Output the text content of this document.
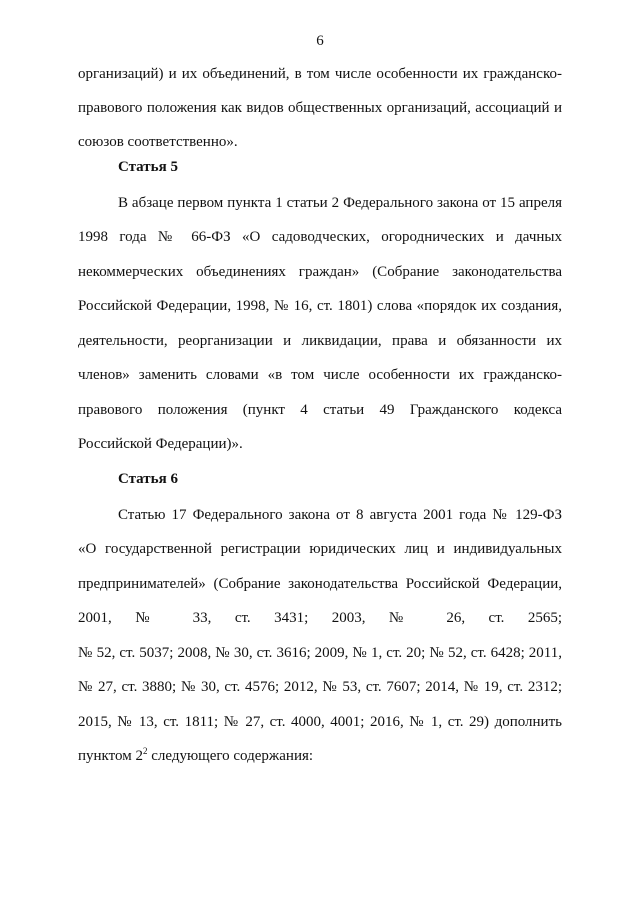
6
организаций) и их объединений, в том числе особенности их гражданско-
правового положения как видов общественных организаций, ассоциаций и
союзов соответственно».
Статья 5
В абзаце первом пункта 1 статьи 2 Федерального закона от 15 апреля
1998 года № 66-ФЗ «О садоводческих, огороднических и дачных
некоммерческих объединениях граждан» (Собрание законодательства
Российской Федерации, 1998, № 16, ст. 1801) слова «порядок их создания,
деятельности, реорганизации и ликвидации, права и обязанности их
членов» заменить словами «в том числе особенности их гражданско-
правового положения (пункт 4 статьи 49 Гражданского кодекса
Российской Федерации)».
Статья 6
Статью 17 Федерального закона от 8 августа 2001 года № 129-ФЗ
«О государственной регистрации юридических лиц и индивидуальных
предпринимателей» (Собрание законодательства Российской Федерации,
2001, № 33, ст. 3431; 2003, № 26, ст. 2565;
№ 52, ст. 5037; 2008, № 30, ст. 3616; 2009, № 1, ст. 20; № 52, ст. 6428; 2011,
№ 27, ст. 3880; № 30, ст. 4576; 2012, № 53, ст. 7607; 2014, № 19, ст. 2312;
2015, № 13, ст. 1811; № 27, ст. 4000, 4001; 2016, № 1, ст. 29) дополнить
пунктом $2^2$ следующего содержания:
